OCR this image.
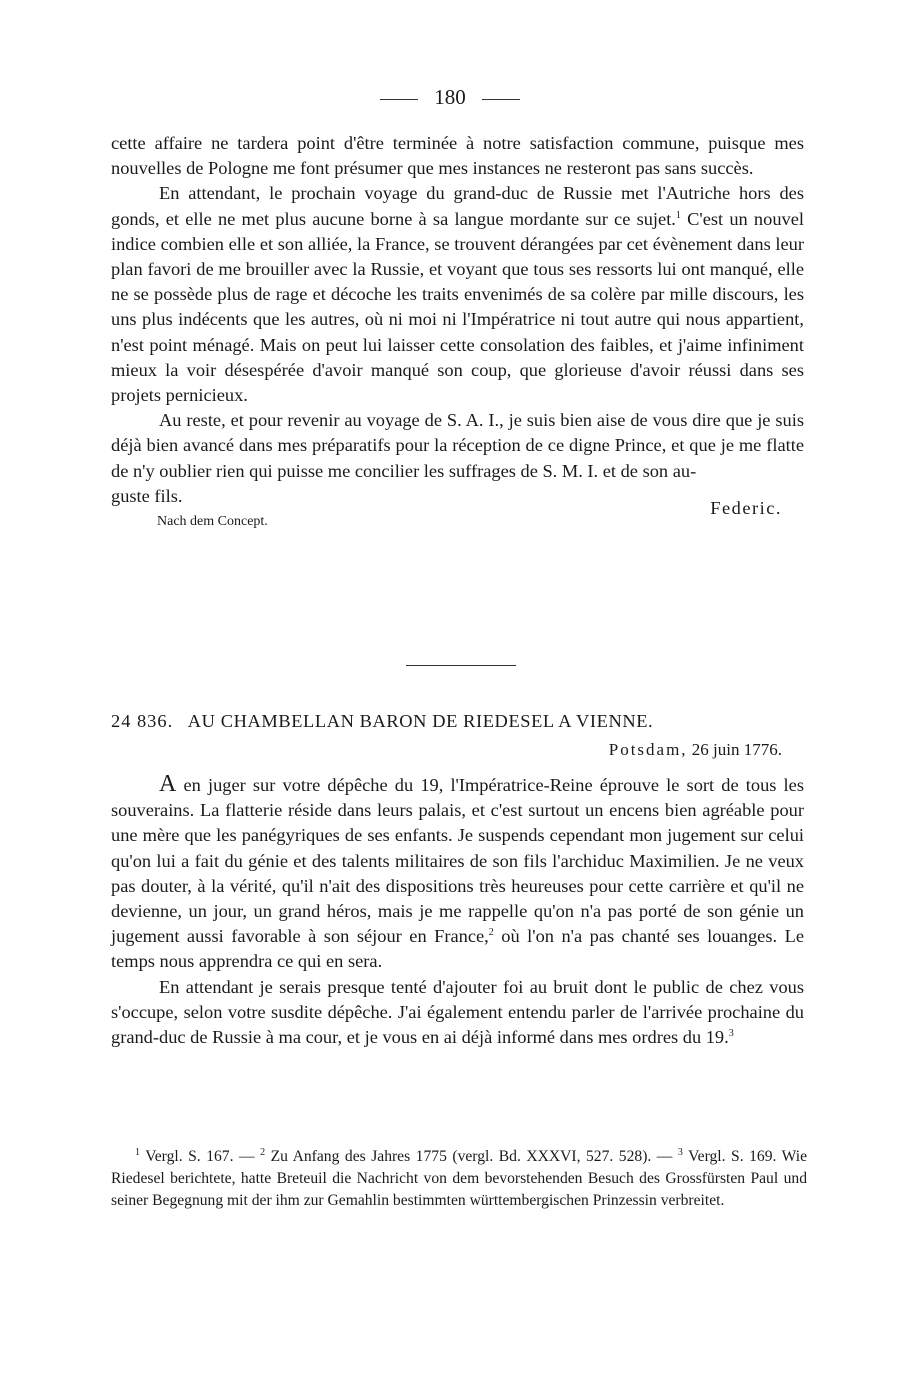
180

cette affaire ne tardera point d'être terminée à notre satisfaction commune, puisque mes nouvelles de Pologne me font présumer que mes instances ne resteront pas sans succès.

En attendant, le prochain voyage du grand-duc de Russie met l'Autriche hors des gonds, et elle ne met plus aucune borne à sa langue mordante sur ce sujet.$^1$ C'est un nouvel indice combien elle et son alliée, la France, se trouvent dérangées par cet évènement dans leur plan favori de me brouiller avec la Russie, et voyant que tous ses ressorts lui ont manqué, elle ne se possède plus de rage et décoche les traits envenimés de sa colère par mille discours, les uns plus indécents que les autres, où ni moi ni l'Impératrice ni tout autre qui nous appartient, n'est point ménagé. Mais on peut lui laisser cette consolation des faibles, et j'aime infiniment mieux la voir désespérée d'avoir manqué son coup, que glorieuse d'avoir réussi dans ses projets pernicieux.

Au reste, et pour revenir au voyage de S. A. I., je suis bien aise de vous dire que je suis déjà bien avancé dans mes préparatifs pour la réception de ce digne Prince, et que je me flatte de n'y oublier rien qui puisse me concilier les suffrages de S. M. I. et de son au-

guste fils.
Federic.
Nach dem Concept.
24 836. AU CHAMBELLAN BARON DE RIEDESEL A VIENNE.
Potsdam, 26 juin 1776.

A en juger sur votre dépêche du 19, l'Impératrice-Reine éprouve le sort de tous les souverains. La flatterie réside dans leurs palais, et c'est surtout un encens bien agréable pour une mère que les panégyriques de ses enfants. Je suspends cependant mon jugement sur celui qu'on lui a fait du génie et des talents militaires de son fils l'archiduc Maximilien. Je ne veux pas douter, à la vérité, qu'il n'ait des dispositions très heureuses pour cette carrière et qu'il ne devienne, un jour, un grand héros, mais je me rappelle qu'on n'a pas porté de son génie un jugement aussi favorable à son séjour en France,$^2$ où l'on n'a pas chanté ses louanges. Le temps nous apprendra ce qui en sera.

En attendant je serais presque tenté d'ajouter foi au bruit dont le public de chez vous s'occupe, selon votre susdite dépêche. J'ai également entendu parler de l'arrivée prochaine du grand-duc de Russie à ma cour, et je vous en ai déjà informé dans mes ordres du 19.$^3$

$^1$ Vergl. S. 167. — $^2$ Zu Anfang des Jahres 1775 (vergl. Bd. XXXVI, 527. 528). — $^3$ Vergl. S. 169. Wie Riedesel berichtete, hatte Breteuil die Nachricht von dem bevorstehenden Besuch des Grossfürsten Paul und seiner Begegnung mit der ihm zur Gemahlin bestimmten württembergischen Prinzessin verbreitet.
